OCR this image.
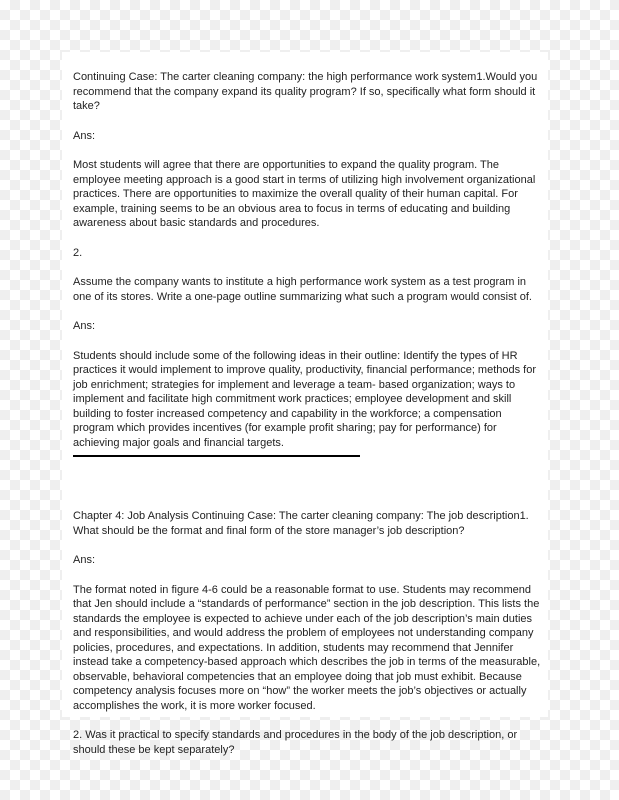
Continuing Case: The carter cleaning company: the high performance work system1.Would you recommend that the company expand its quality program? If so, specifically what form should it take?

Ans:

Most students will agree that there are opportunities to expand the quality program. The employee meeting approach is a good start in terms of utilizing high involvement organizational practices. There are opportunities to maximize the overall quality of their human capital. For example, training seems to be an obvious area to focus in terms of educating and building awareness about basic standards and procedures.

2.

Assume the company wants to institute a high performance work system as a test program in one of its stores. Write a one-page outline summarizing what such a program would consist of.

Ans:

Students should include some of the following ideas in their outline: Identify the types of HR practices it would implement to improve quality, productivity, financial performance; methods for job enrichment; strategies for implement and leverage a team- based organization; ways to implement and facilitate high commitment work practices; employee development and skill building to foster increased competency and capability in the workforce; a compensation program which provides incentives (for example profit sharing; pay for performance) for achieving major goals and financial targets.

Chapter 4: Job Analysis Continuing Case: The carter cleaning company: The job description1. What should be the format and final form of the store manager’s job description?

Ans:

The format noted in figure 4-6 could be a reasonable format to use. Students may recommend that Jen should include a “standards of performance” section in the job description. This lists the standards the employee is expected to achieve under each of the job description’s main duties and responsibilities, and would address the problem of employees not understanding company policies, procedures, and expectations. In addition, students may recommend that Jennifer instead take a competency-based approach which describes the job in terms of the measurable, observable, behavioral competencies that an employee doing that job must exhibit. Because competency analysis focuses more on “how” the worker meets the job’s objectives or actually accomplishes the work, it is more worker focused.

2. Was it practical to specify standards and procedures in the body of the job description, or should these be kept separately?
